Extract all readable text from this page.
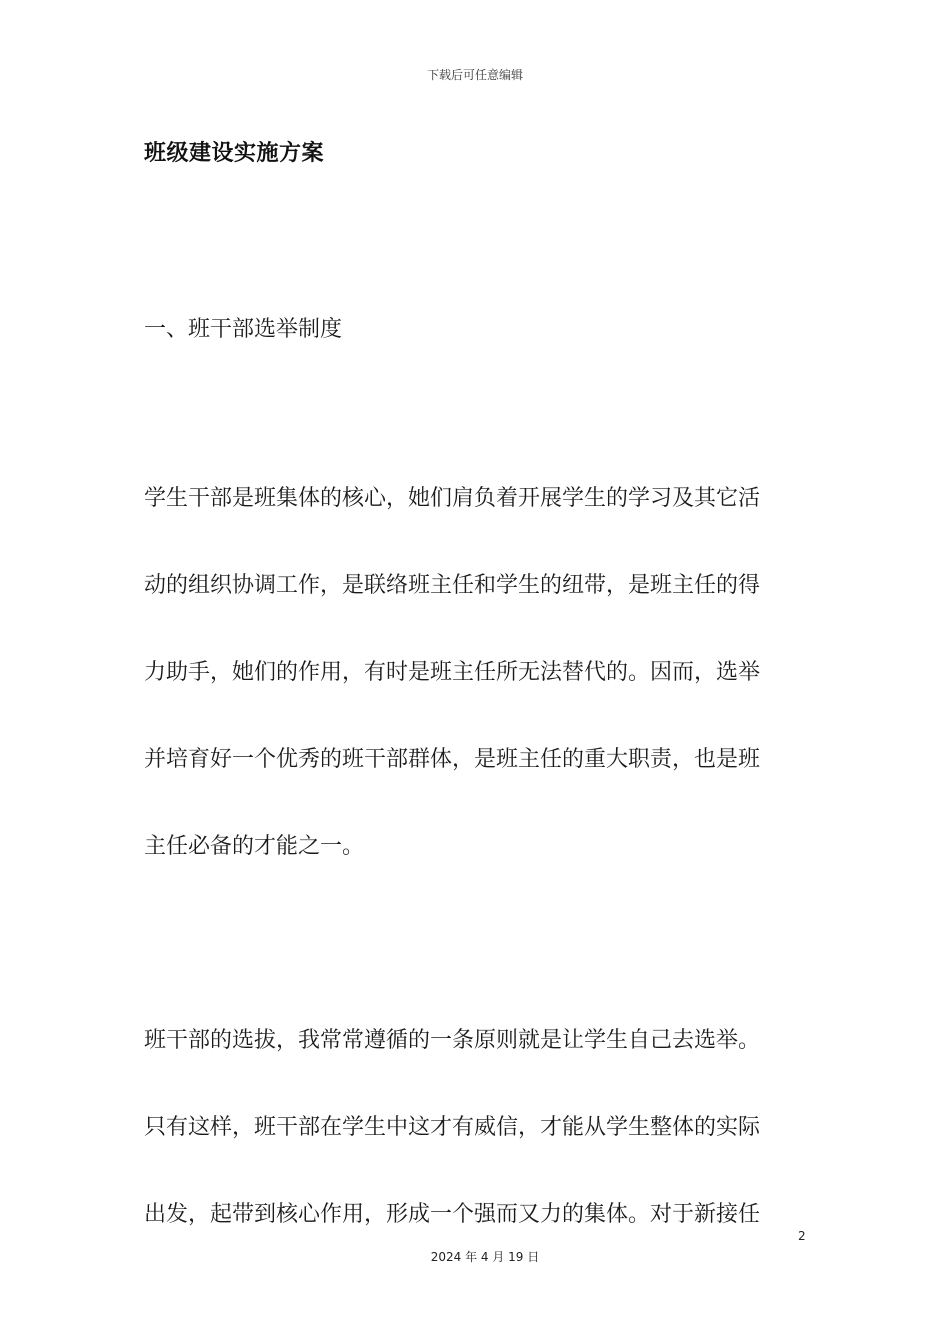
下载后可任意编辑
班级建设实施方案
一、班干部选举制度
学生干部是班集体的核心，她们肩负着开展学生的学习及其它活
动的组织协调工作，是联络班主任和学生的纽带，是班主任的得
力助手，她们的作用，有时是班主任所无法替代的。因而，选举
并培育好一个优秀的班干部群体，是班主任的重大职责，也是班
主任必备的才能之一。
班干部的选拔，我常常遵循的一条原则就是让学生自己去选举。
只有这样，班干部在学生中这才有威信，才能从学生整体的实际
出发，起带到核心作用，形成一个强而又力的集体。对于新接任
2
2024 年 4 月 19 日
